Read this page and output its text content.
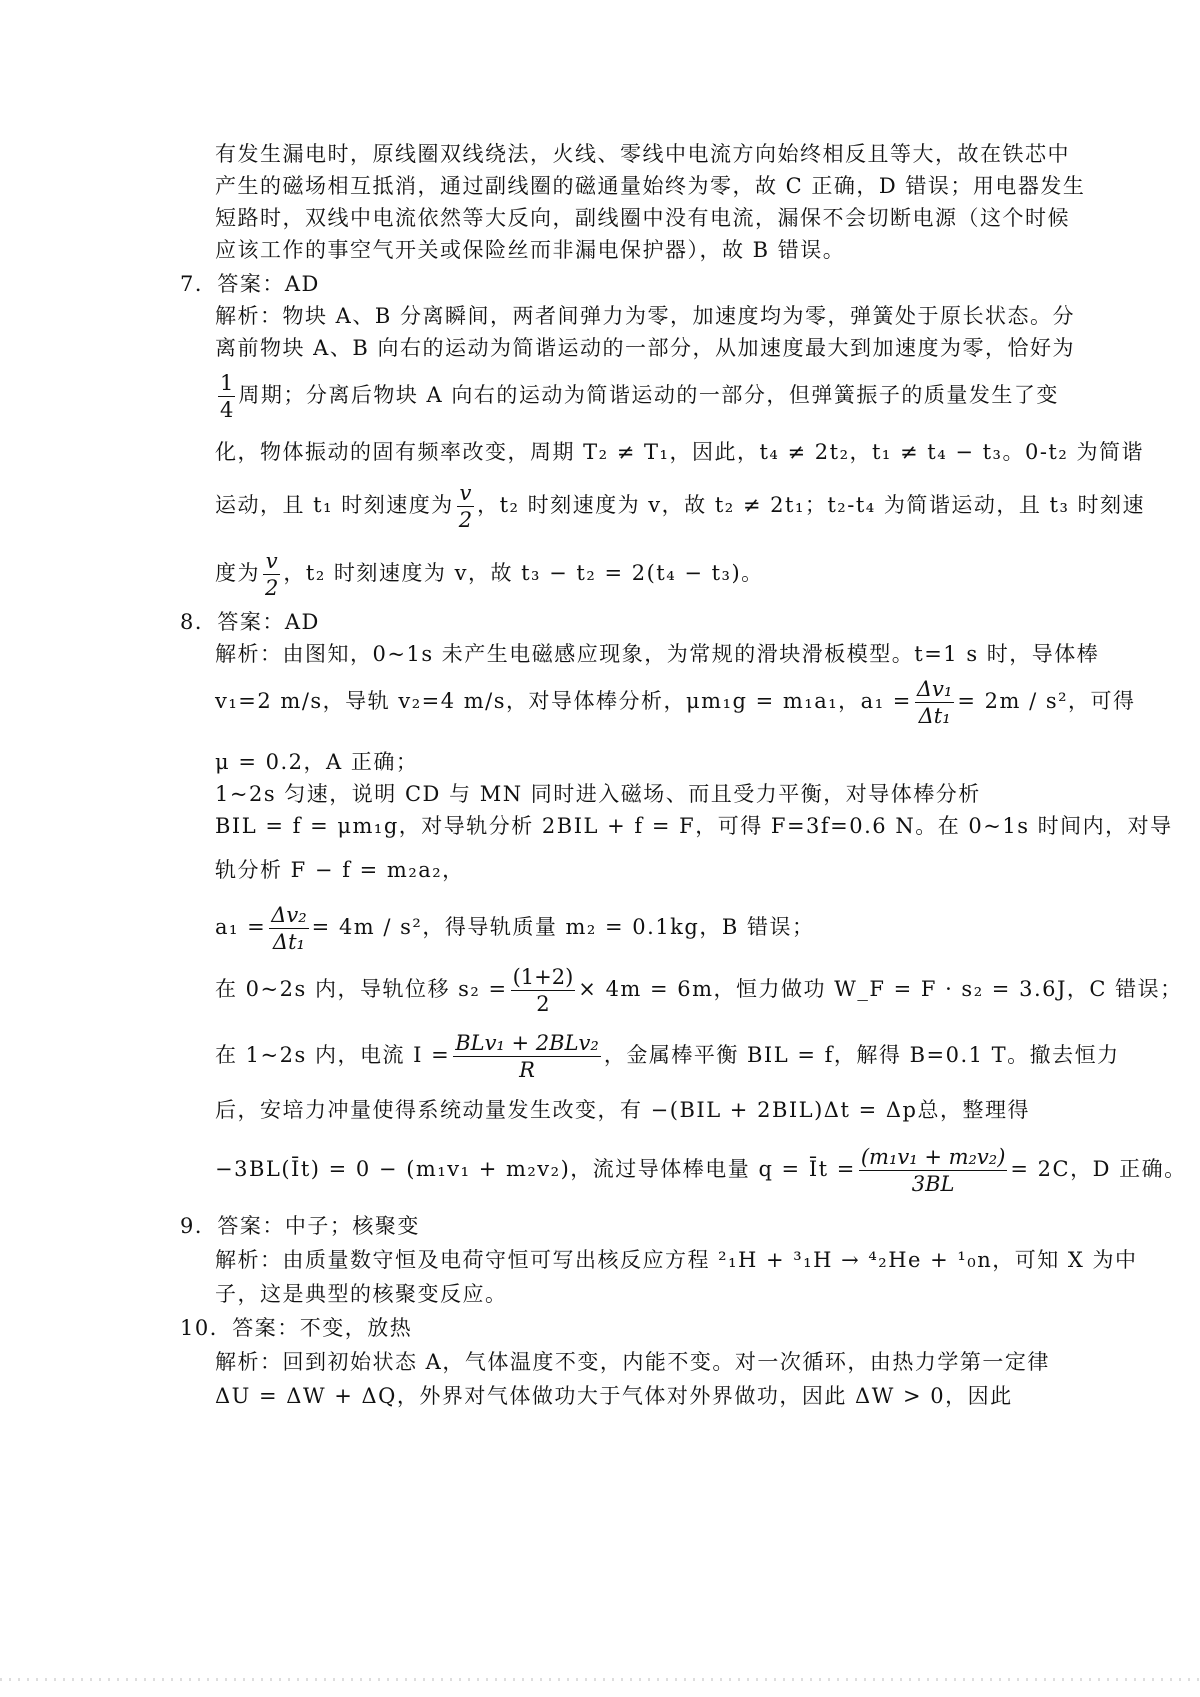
有发生漏电时，原线圈双线绕法，火线、零线中电流方向始终相反且等大，故在铁芯中
产生的磁场相互抵消，通过副线圈的磁通量始终为零，故 C 正确，D 错误；用电器发生
短路时，双线中电流依然等大反向，副线圈中没有电流，漏保不会切断电源（这个时候
应该工作的事空气开关或保险丝而非漏电保护器），故 B 错误。
7．答案：AD
解析：物块 A、B 分离瞬间，两者间弹力为零，加速度均为零，弹簧处于原长状态。分
离前物块 A、B 向右的运动为简谐运动的一部分，从加速度最大到加速度为零，恰好为
$\frac{1}{4}$ 周期；分离后物块 A 向右的运动为简谐运动的一部分，但弹簧振子的质量发生了变
化，物体振动的固有频率改变，周期 T₂ ≠ T₁，因此，t₄ ≠ 2t₂，t₁ ≠ t₄ − t₃。0-t₂ 为简谐
运动，且 t₁ 时刻速度为 $\frac{v}{2}$ ，t₂ 时刻速度为 v，故 t₂ ≠ 2t₁；t₂-t₄ 为简谐运动，且 t₃ 时刻速
度为 $\frac{v}{2}$ ，t₂ 时刻速度为 v，故 t₃ − t₂ = 2(t₄ − t₃)。
8．答案：AD
解析：由图知，0~1s 未产生电磁感应现象，为常规的滑块滑板模型。t=1 s 时，导体棒
v₁=2 m/s，导轨 v₂=4 m/s，对导体棒分析，μm₁g = m₁a₁，$a_1 = \frac{\text{Δv₁}}{\text{Δt₁}} = 2m / s^2$，可得
μ = 0.2，A 正确；
1~2s 匀速，说明 CD 与 MN 同时进入磁场、而且受力平衡，对导体棒分析
BIL = f = μm₁g，对导轨分析 2BIL + f = F，可得 F=3f=0.6 N。在 0~1s 时间内，对导
轨分析 F − f = m₂a₂，
$a_1 = \frac{\text{Δv₂}}{\text{Δt₁}} = 4m / s^2$，得导轨质量 m₂ = 0.1kg，B 错误；
在 0~2s 内，导轨位移 $s_2 = \frac{(1+2)}{2} \times 4m = 6m$，恒力做功 W_F = F · s₂ = 3.6J，C 错误；
在 1~2s 内，电流 $I = \frac{\text{BLv₁ + 2BLv₂}}{R}$ ，金属棒平衡 BIL = f，解得 B=0.1 T。撤去恒力
后，安培力冲量使得系统动量发生改变，有 −(BIL + 2BIL)Δt = Δp总，整理得
−3BL(Īt) = 0 − (m₁v₁ + m₂v₂)，流过导体棒电量 q = Īt = $\frac{\text{(m₁v₁ + m₂v₂)}}{3BL} = 2C$，D 正确。
9．答案：中子；核聚变
解析：由质量数守恒及电荷守恒可写出核反应方程 ²₁H + ³₁H → ⁴₂He + ¹₀n，可知 X 为中
子，这是典型的核聚变反应。
10．答案：不变，放热
解析：回到初始状态 A，气体温度不变，内能不变。对一次循环，由热力学第一定律
ΔU = ΔW + ΔQ，外界对气体做功大于气体对外界做功，因此 ΔW > 0，因此
